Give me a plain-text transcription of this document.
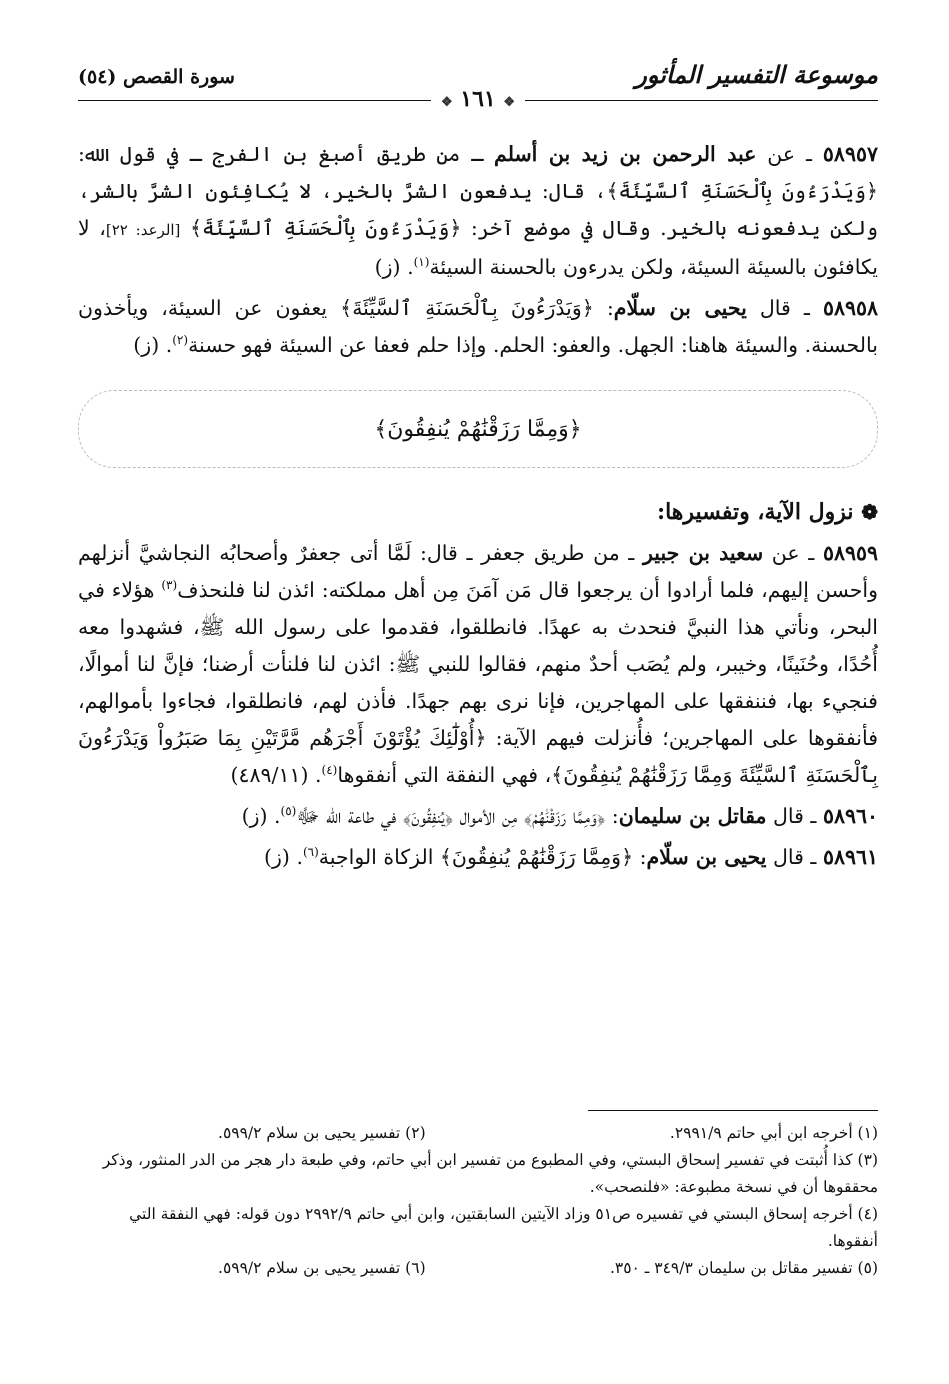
موسوعة التفسير المأثور
سورة القصص (٥٤)
❖ ١٦١ ❖

٥٨٩٥٧ ـ عن عبد الرحمن بن زيد بن أسلم ـ من طريق أصبغ بن الفرج ـ في قول الله: ﴿وَيَدْرَءُونَ بِٱلْحَسَنَةِ ٱلسَّيِّئَةَ﴾، قال: يدفعون الشرَّ بالخير، لا يُكافِئون الشرَّ بالشر، ولكن يدفعونه بالخير. وقال في موضع آخر: ﴿وَيَدْرَءُونَ بِٱلْحَسَنَةِ ٱلسَّيِّئَةَ﴾ [الرعد: ٢٢]، لا يكافئون بالسيئة السيئة، ولكن يدرءون بالحسنة السيئة$^{(١)}$. (ز)

٥٨٩٥٨ ـ قال يحيى بن سلّام: ﴿وَيَدْرَءُونَ بِٱلْحَسَنَةِ ٱلسَّيِّئَةَ﴾ يعفون عن السيئة، ويأخذون بالحسنة. والسيئة هاهنا: الجهل. والعفو: الحلم. وإذا حلم فعفا عن السيئة فهو حسنة$^{(٢)}$. (ز)

﴿وَمِمَّا رَزَقْنَٰهُمْ يُنفِقُونَ﴾
❁ نزول الآية، وتفسيرها:

٥٨٩٥٩ ـ عن سعيد بن جبير ـ من طريق جعفر ـ قال: لَمَّا أتى جعفرٌ وأصحابُه النجاشيَّ أنزلهم وأحسن إليهم، فلما أرادوا أن يرجعوا قال مَن آمَنَ مِن أهل مملكته: ائذن لنا فلنحذف$^{(٣)}$ هؤلاء في البحر، ونأتي هذا النبيَّ فنحدث به عهدًا. فانطلقوا، فقدموا على رسول الله ﷺ، فشهدوا معه أُحُدًا، وحُنَينًا، وخيبر، ولم يُصَب أحدٌ منهم، فقالوا للنبي ﷺ: ائذن لنا فلنأت أرضنا؛ فإنَّ لنا أموالًا، فنجيء بها، فننفقها على المهاجرين، فإنا نرى بهم جهدًا. فأذن لهم، فانطلقوا، فجاءوا بأموالهم، فأنفقوها على المهاجرين؛ فأُنزلت فيهم الآية: ﴿أُوْلَٰٓئِكَ يُؤْتَوْنَ أَجْرَهُم مَّرَّتَيْنِ بِمَا صَبَرُواْ وَيَدْرَءُونَ بِٱلْحَسَنَةِ ٱلسَّيِّئَةَ وَمِمَّا رَزَقْنَٰهُمْ يُنفِقُونَ﴾، فهي النفقة التي أنفقوها$^{(٤)}$. (٤٨٩/١١)

٥٨٩٦٠ ـ قال مقاتل بن سليمان: ﴿وَمِمَّا رَزَقْنَٰهُمْ﴾ مِن الأموال ﴿يُنفِقُونَ﴾ في طاعة الله ﷻ$^{(٥)}$. (ز)

٥٨٩٦١ ـ قال يحيى بن سلّام: ﴿وَمِمَّا رَزَقْنَٰهُمْ يُنفِقُونَ﴾ الزكاة الواجبة$^{(٦)}$. (ز)

(١) أخرجه ابن أبي حاتم ٢٩٩١/٩.
(٢) تفسير يحيى بن سلام ٥٩٩/٢.
(٣) كذا أُثبتت في تفسير إسحاق البستي، وفي المطبوع من تفسير ابن أبي حاتم، وفي طبعة دار هجر من الدر المنثور، وذكر محققوها أن في نسخة مطبوعة: «فلنصحب».
(٤) أخرجه إسحاق البستي في تفسيره ص٥١ وزاد الآيتين السابقتين، وابن أبي حاتم ٢٩٩٢/٩ دون قوله: فهي النفقة التي أنفقوها.
(٥) تفسير مقاتل بن سليمان ٣٤٩/٣ ـ ٣٥٠.
(٦) تفسير يحيى بن سلام ٥٩٩/٢.
